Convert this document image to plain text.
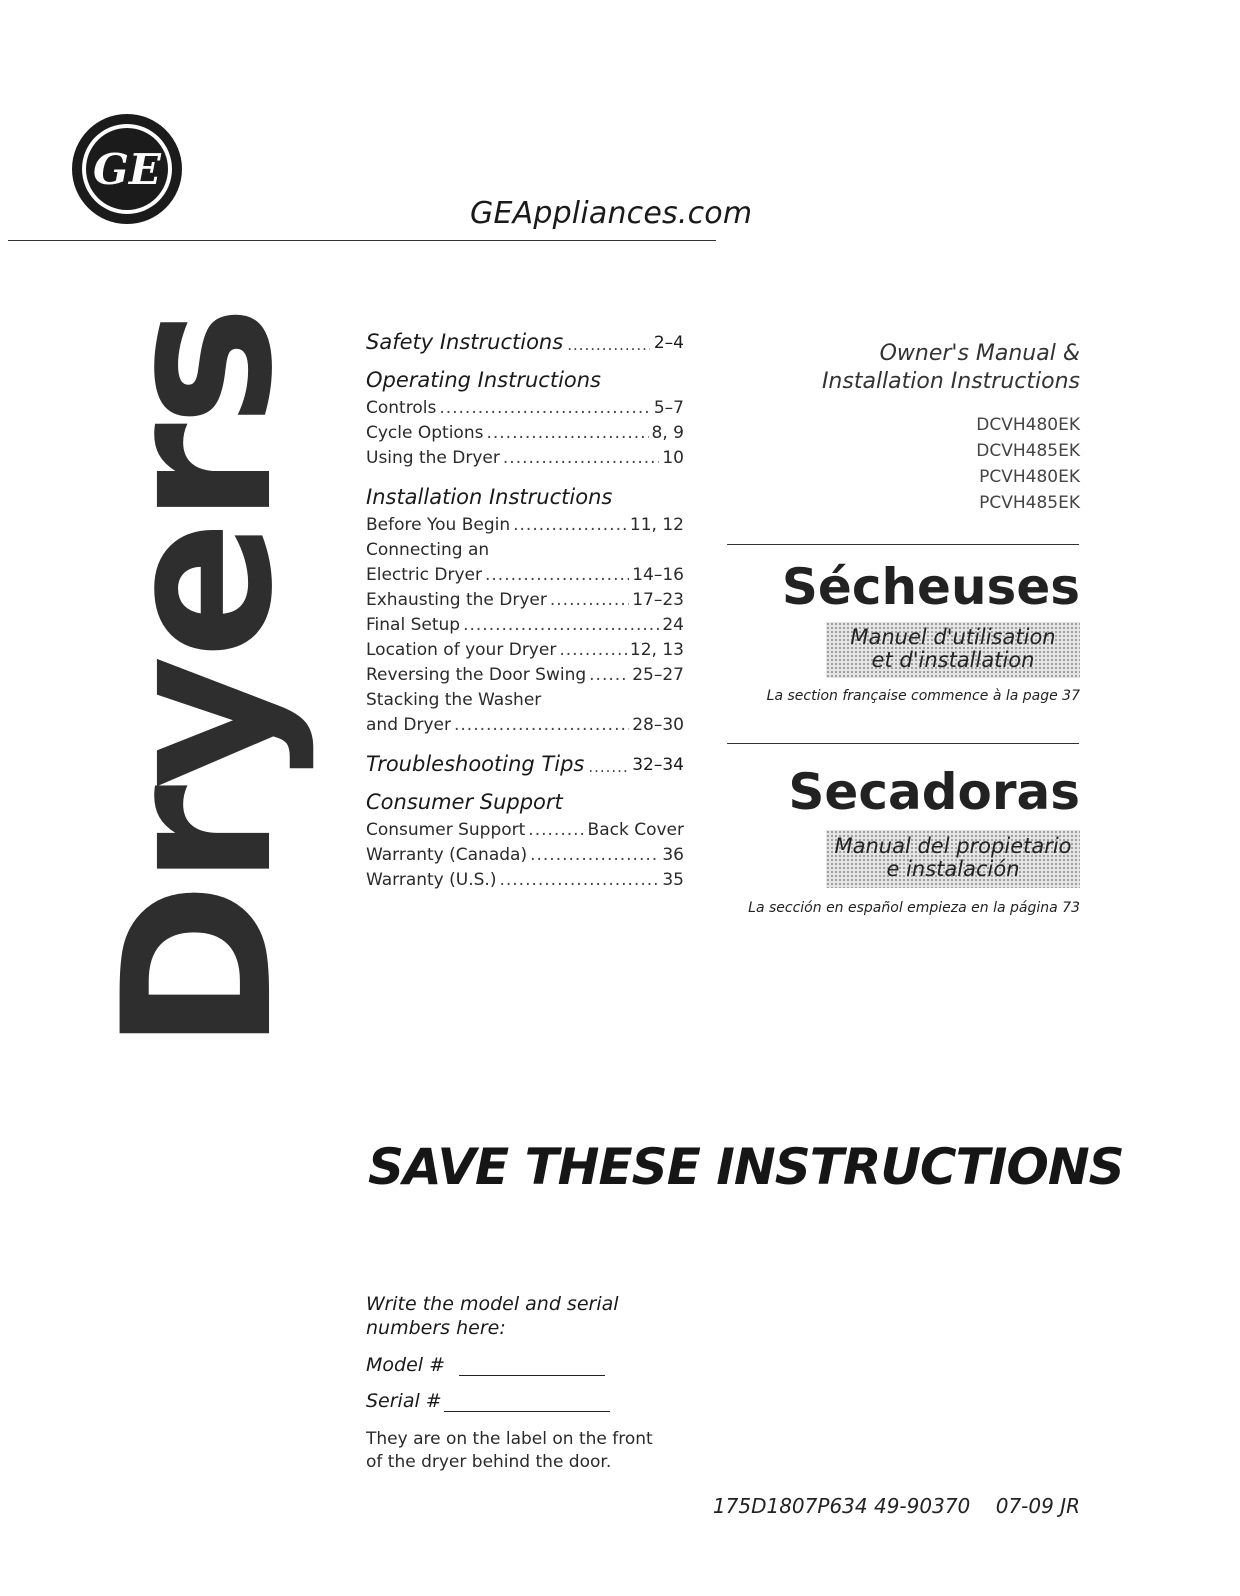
GE
GEAppliances.com
Dryers Safety Instructions .....	2–4
Operating Instructions
Controls .....	5–7
Cycle Options .....	8, 9
Using the Dryer .....	10
Installation Instructions
Before You Begin .....	11, 12
Connecting an
Electric Dryer .....	14–16
Exhausting the Dryer .....	17–23
Final Setup .....	24
Location of your Dryer .....	12, 13
Reversing the Door Swing .....	25–27
Stacking the Washer
and Dryer .....	28–30
Troubleshooting Tips .....	32–34
Consumer Support
Consumer Support .....	Back Cover
Warranty (Canada) .....	36
Warranty (U.S.) .....	35
Owner's Manual &
Installation Instructions
DCVH480EK
DCVH485EK
PCVH480EK
PCVH485EK
Sécheuses
Manuel d'utilisation
et d'installation
La section française commence à la page 37
Secadoras
Manual del propietario
e instalación
La sección en español empieza en la página 73
SAVE THESE INSTRUCTIONS
Write the model and serial
numbers here:
Model #
Serial #
They are on the label on the front
of the dryer behind the door.
175D1807P634 49-90370 07-09 JR
